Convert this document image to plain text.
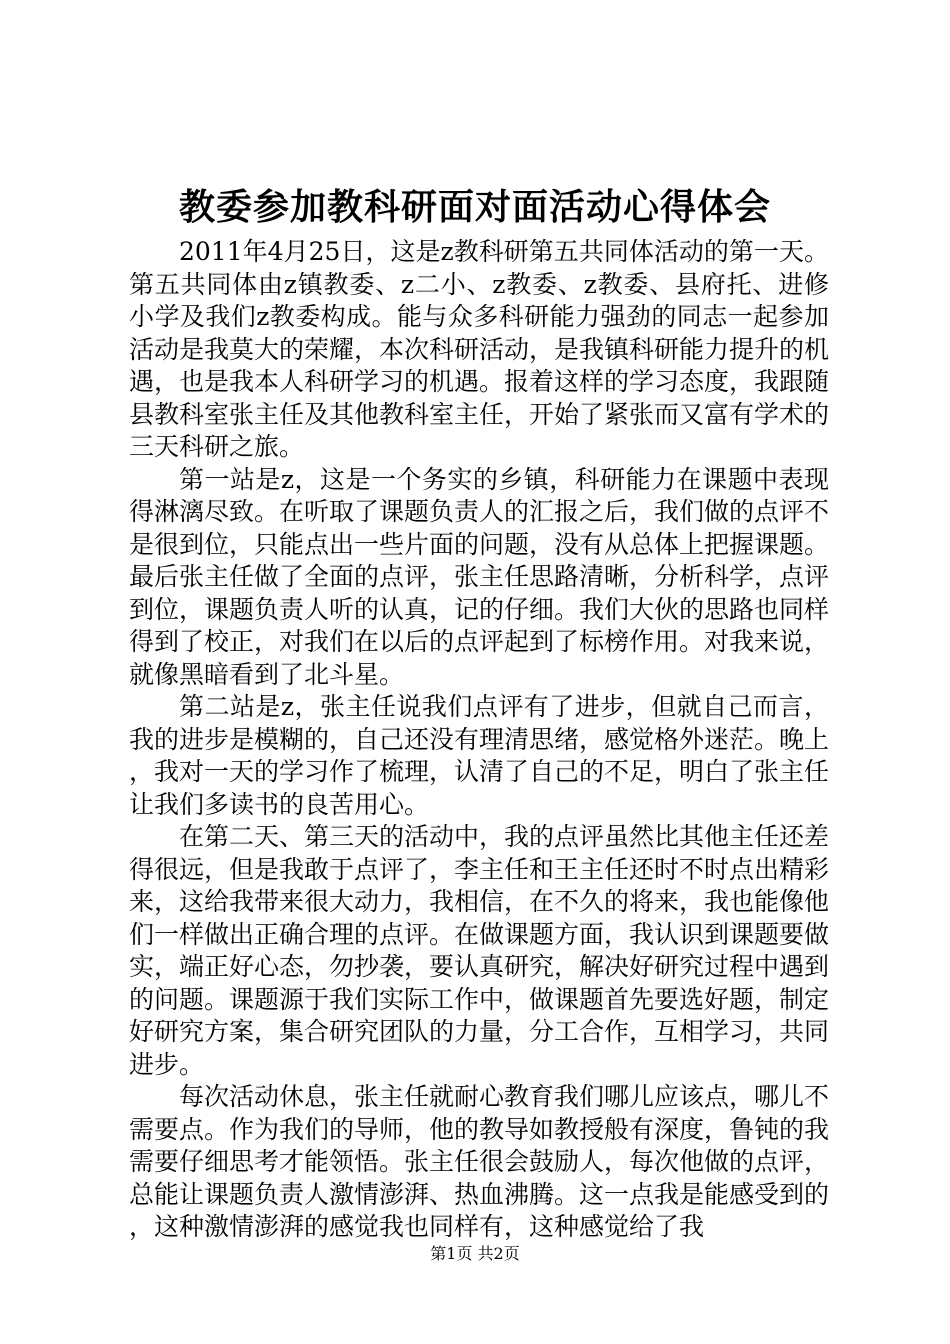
教委参加教科研面对面活动心得体会

2011年4月25日，这是z教科研第五共同体活动的第一天。第五共同体由z镇教委、z二小、z教委、z教委、县府托、进修小学及我们z教委构成。能与众多科研能力强劲的同志一起参加活动是我莫大的荣耀，本次科研活动，是我镇科研能力提升的机遇，也是我本人科研学习的机遇。报着这样的学习态度，我跟随县教科室张主任及其他教科室主任，开始了紧张而又富有学术的三天科研之旅。

第一站是z，这是一个务实的乡镇，科研能力在课题中表现得淋漓尽致。在听取了课题负责人的汇报之后，我们做的点评不是很到位，只能点出一些片面的问题，没有从总体上把握课题。最后张主任做了全面的点评，张主任思路清晰，分析科学，点评到位，课题负责人听的认真，记的仔细。我们大伙的思路也同样得到了校正，对我们在以后的点评起到了标榜作用。对我来说，就像黑暗看到了北斗星。

第二站是z，张主任说我们点评有了进步，但就自己而言，我的进步是模糊的，自己还没有理清思绪，感觉格外迷茫。晚上，我对一天的学习作了梳理，认清了自己的不足，明白了张主任让我们多读书的良苦用心。

在第二天、第三天的活动中，我的点评虽然比其他主任还差得很远，但是我敢于点评了，李主任和王主任还时不时点出精彩来，这给我带来很大动力，我相信，在不久的将来，我也能像他们一样做出正确合理的点评。在做课题方面，我认识到课题要做实，端正好心态，勿抄袭，要认真研究，解决好研究过程中遇到的问题。课题源于我们实际工作中，做课题首先要选好题，制定好研究方案，集合研究团队的力量，分工合作，互相学习，共同进步。

每次活动休息，张主任就耐心教育我们哪儿应该点，哪儿不需要点。作为我们的导师，他的教导如教授般有深度，鲁钝的我需要仔细思考才能领悟。张主任很会鼓励人，每次他做的点评，总能让课题负责人激情澎湃、热血沸腾。这一点我是能感受到的，这种激情澎湃的感觉我也同样有，这种感觉给了我

第1页 共2页
